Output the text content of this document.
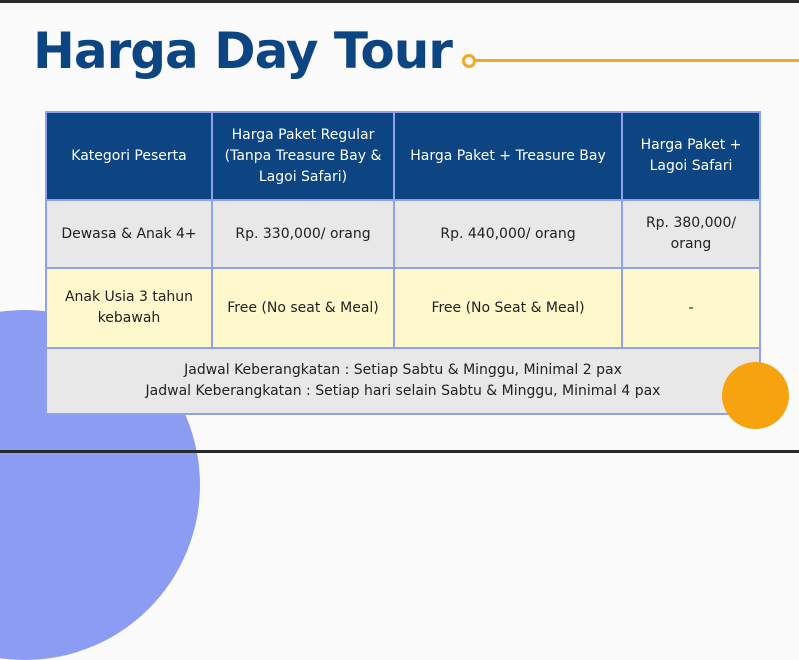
Harga Day Tour
Kategori Peserta	Harga Paket Regular (Tanpa Treasure Bay & Lagoi Safari)	Harga Paket + Treasure Bay	Harga Paket + Lagoi Safari
Dewasa & Anak 4+	Rp. 330,000/ orang	Rp. 440,000/ orang	Rp. 380,000/ orang
Anak Usia 3 tahun kebawah	Free (No seat & Meal)	Free (No Seat & Meal)	-

Jadwal Keberangkatan : Setiap Sabtu & Minggu, Minimal 2 pax
Jadwal Keberangkatan : Setiap hari selain Sabtu & Minggu, Minimal 4 pax			
